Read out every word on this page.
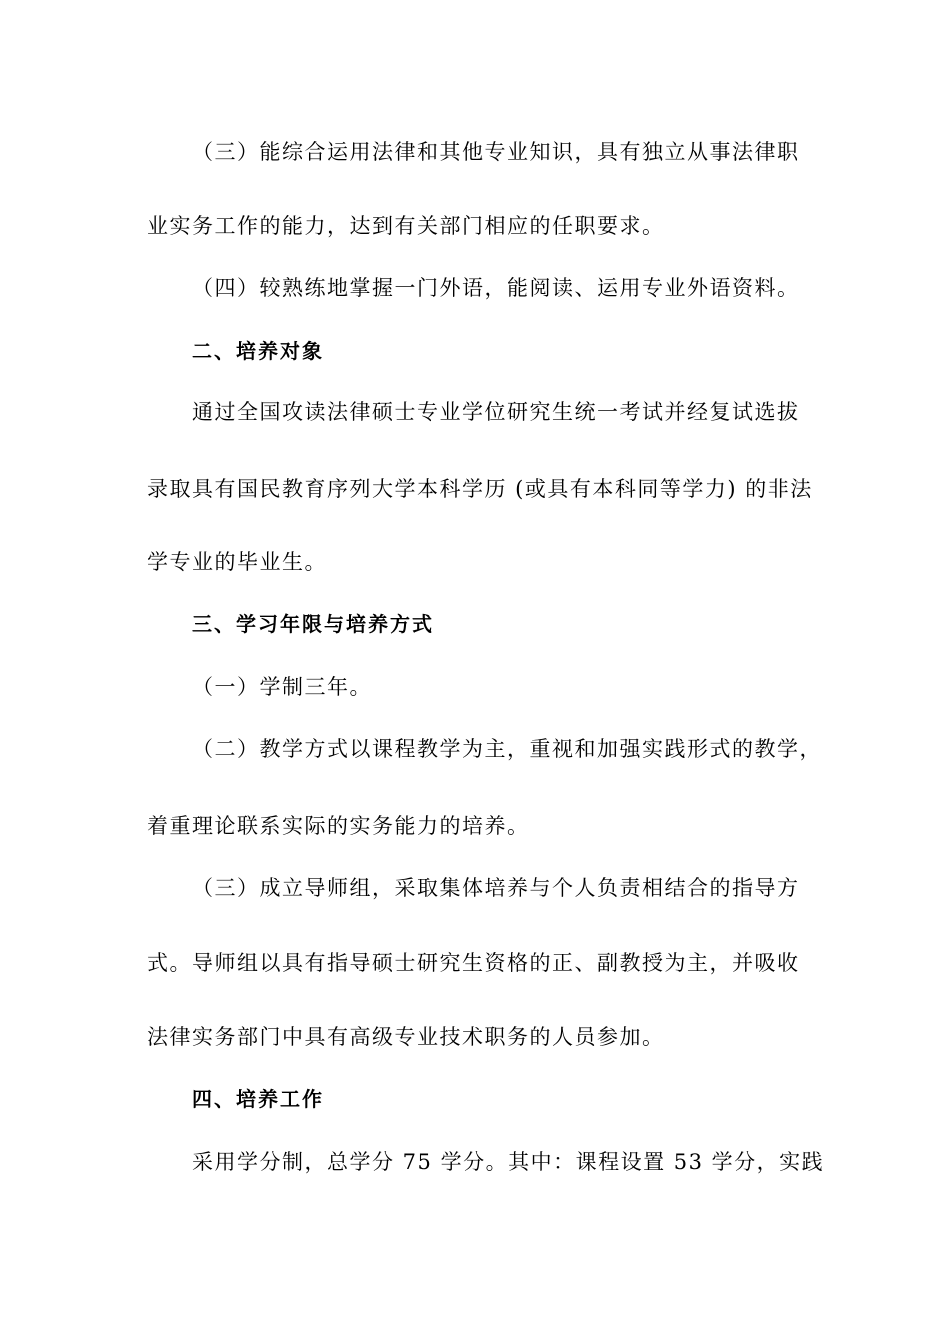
（三）能综合运用法律和其他专业知识，具有独立从事法律职
业实务工作的能力，达到有关部门相应的任职要求。
（四）较熟练地掌握一门外语，能阅读、运用专业外语资料。
二、培养对象
通过全国攻读法律硕士专业学位研究生统一考试并经复试选拔
录取具有国民教育序列大学本科学历 (或具有本科同等学力) 的非法
学专业的毕业生。
三、学习年限与培养方式
（一）学制三年。
（二）教学方式以课程教学为主，重视和加强实践形式的教学，
着重理论联系实际的实务能力的培养。
（三）成立导师组，采取集体培养与个人负责相结合的指导方
式。导师组以具有指导硕士研究生资格的正、副教授为主，并吸收
法律实务部门中具有高级专业技术职务的人员参加。
四、培养工作
采用学分制，总学分 75 学分。其中：课程设置 53 学分，实践
